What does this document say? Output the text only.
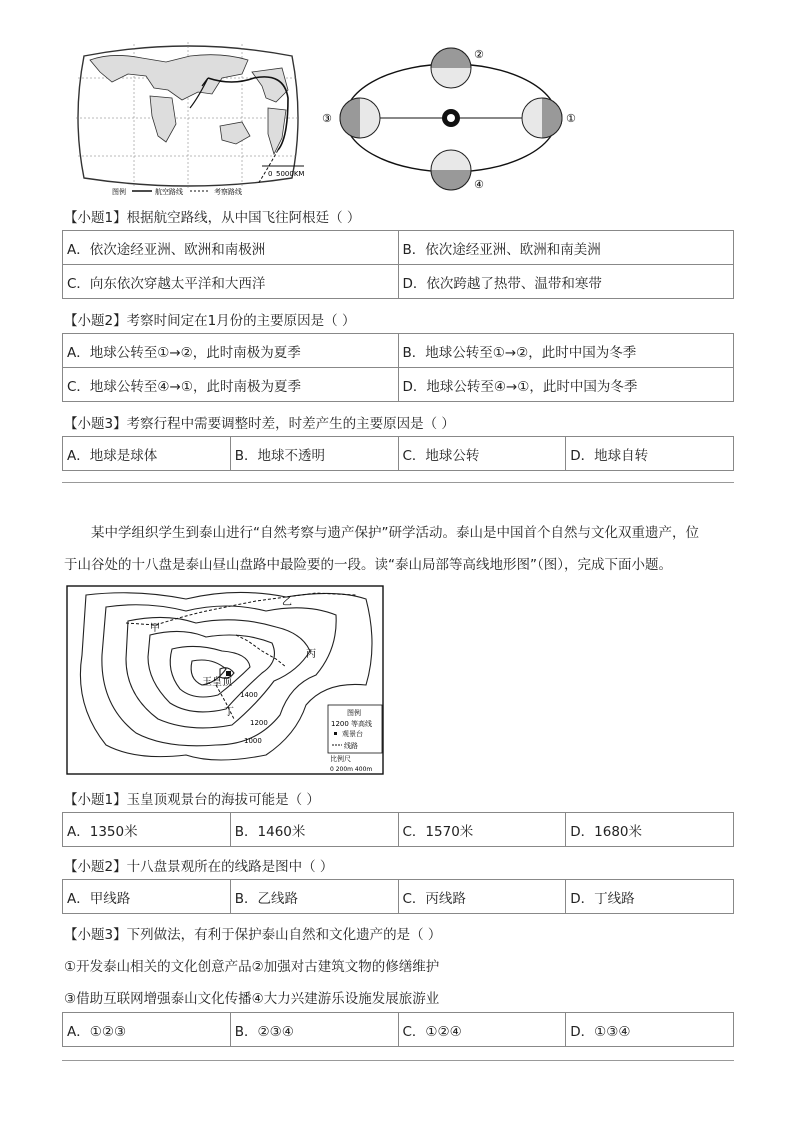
0 5000KM
图例	航空路线	考察路线
②
③	①
④
【小题1】根据航空路线，从中国飞往阿根廷（ ）
A．依次途经亚洲、欧洲和南极洲	B．依次途经亚洲、欧洲和南美洲
C．向东依次穿越太平洋和大西洋	D．依次跨越了热带、温带和寒带
【小题2】考察时间定在1月份的主要原因是（ ）
A．地球公转至①→②，此时南极为夏季	B．地球公转至①→②，此时中国为冬季
C．地球公转至④→①，此时南极为夏季	D．地球公转至④→①，此时中国为冬季
【小题3】考察行程中需要调整时差，时差产生的主要原因是（ ）
A．地球是球体	B．地球不透明	C．地球公转	D．地球自转

某中学组织学生到泰山进行“自然考察与遗产保护”研学活动。泰山是中国首个自然与文化双重遗产，位

于山谷处的十八盘是泰山昼山盘路中最险要的一段。读“泰山局部等高线地形图”（图），完成下面小题。

乙
甲
丙
丁
玉皇顶
1400
1200
1000
图例
1200 等高线
观景台
线路
比例尺
0 200m 400m
【小题1】玉皇顶观景台的海拔可能是（ ）
A．1350米	B．1460米	C．1570米	D．1680米
【小题2】十八盘景观所在的线路是图中（ ）
A．甲线路	B．乙线路	C．丙线路	D．丁线路
【小题3】下列做法，有利于保护泰山自然和文化遗产的是（ ）
①开发泰山相关的文化创意产品②加强对古建筑文物的修缮维护
③借助互联网增强泰山文化传播④大力兴建游乐设施发展旅游业
A．①②③	B．②③④	C．①②④	D．①③④
